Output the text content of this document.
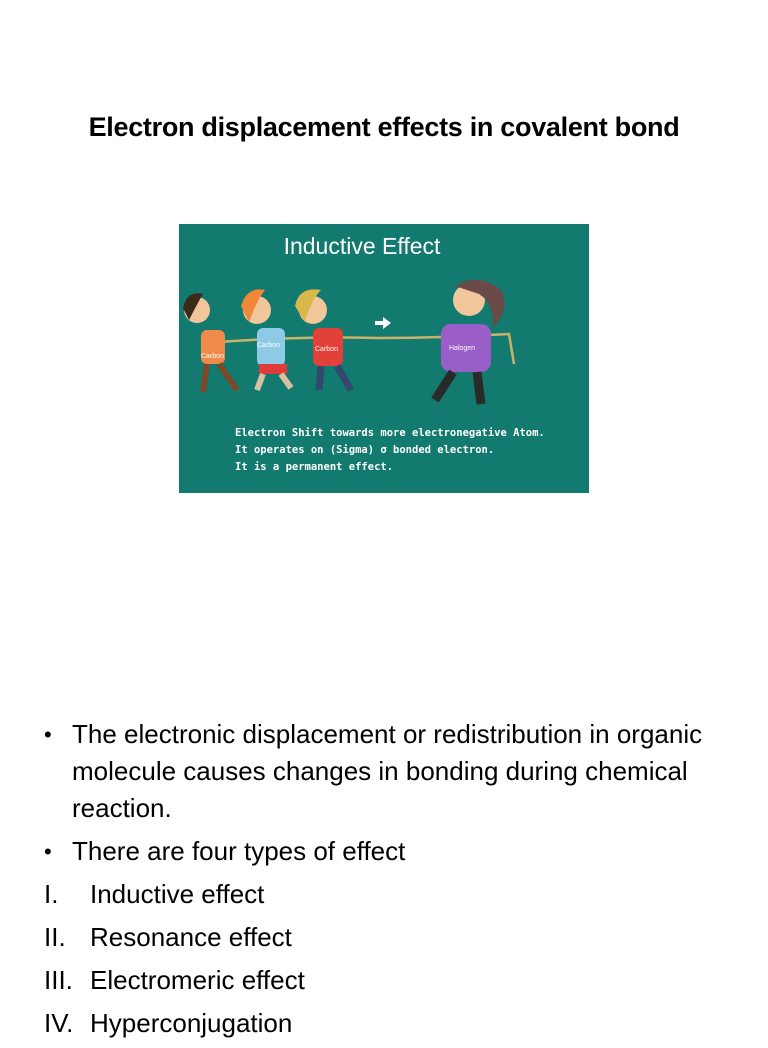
Electron displacement effects in covalent bond
Inductive Effect
Carbon
Carbon
Carbon	Halogen
Electron Shift towards more electronegative Atom.
It operates on (Sigma) σ bonded electron.
It is a permanent effect.
• The electronic displacement or redistribution in organic molecule causes changes in bonding during chemical reaction.
• There are four types of effect
I. Inductive effect
II. Resonance effect
III. Electromeric effect
IV. Hyperconjugation
